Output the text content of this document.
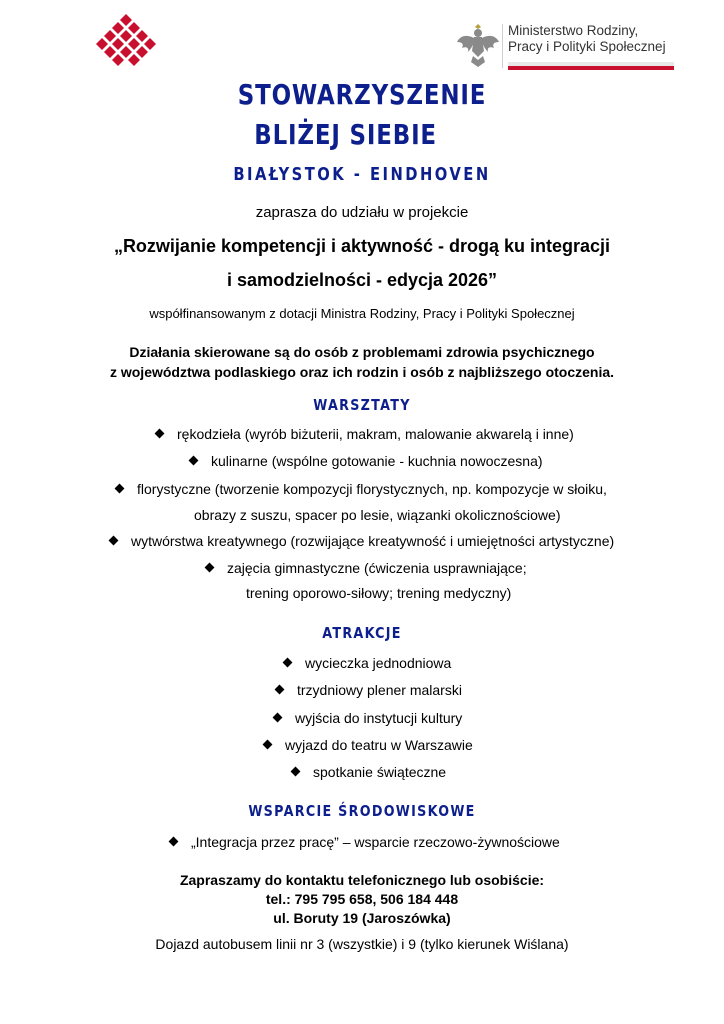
Ministerstwo Rodziny,
Pracy i Polityki Społecznej
STOWARZYSZENIE
BLIŻEJ SIEBIE
BIAŁYSTOK - EINDHOVEN
zaprasza do udziału w projekcie
„Rozwijanie kompetencji i aktywność - drogą ku integracji
i samodzielności - edycja 2026”
współfinansowanym z dotacji Ministra Rodziny, Pracy i Polityki Społecznej
Działania skierowane są do osób z problemami zdrowia psychicznego
z województwa podlaskiego oraz ich rodzin i osób z najbliższego otoczenia.
WARSZTATY
rękodzieła (wyrób biżuterii, makram, malowanie akwarelą i inne)
kulinarne (wspólne gotowanie - kuchnia nowoczesna)
florystyczne (tworzenie kompozycji florystycznych, np. kompozycje w słoiku,
obrazy z suszu, spacer po lesie, wiązanki okolicznościowe)
wytwórstwa kreatywnego (rozwijające kreatywność i umiejętności artystyczne)
zajęcia gimnastyczne (ćwiczenia usprawniające;
trening oporowo-siłowy; trening medyczny)
ATRAKCJE
wycieczka jednodniowa
trzydniowy plener malarski
wyjścia do instytucji kultury
wyjazd do teatru w Warszawie
spotkanie świąteczne
WSPARCIE ŚRODOWISKOWE
„Integracja przez pracę” – wsparcie rzeczowo-żywnościowe
Zapraszamy do kontaktu telefonicznego lub osobiście:
tel.: 795 795 658, 506 184 448
ul. Boruty 19 (Jaroszówka)
Dojazd autobusem linii nr 3 (wszystkie) i 9 (tylko kierunek Wiślana)
